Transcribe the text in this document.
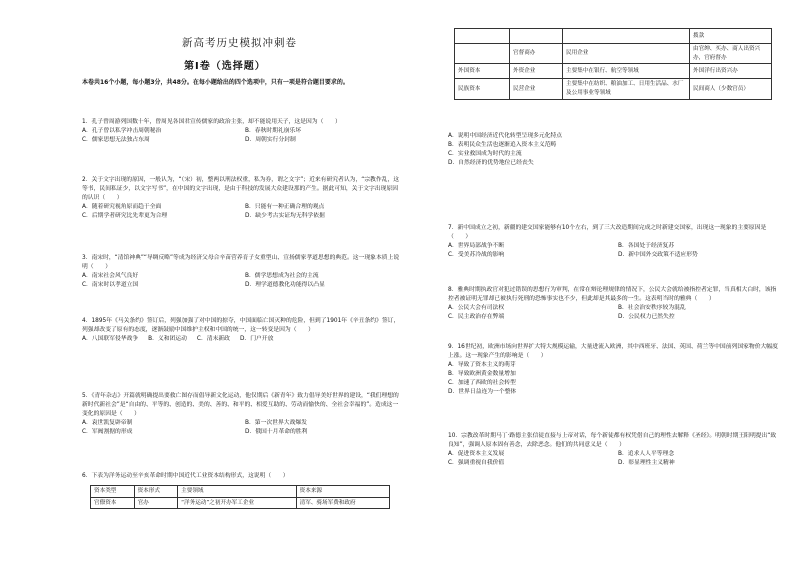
新高考历史模拟冲刺卷
第Ⅰ卷（选择题）
本卷共16个小题，每小题3分，共48分。在每小题给出的四个选项中，只有一项是符合题目要求的。
1．孔子曾周游列国数十年，曾周见各国君宣传儒家的政治主张，却不能说用天子，这是因为（　　）
A．孔子曾以私学冲击周朝秘治	B．春秋时期礼崩乐坏
C．儒家思想无法独占东周	D．周朝实行分封制
2．关于文字出现的原因，一般认为，“（宋）初，整两以刑法权重，私为券，谓之文字”；近来有研究者认为，“宗教作乱，这等书，民间私证少，以文字写书”，在中国的文字出现，是由于科技的发展大众建设那的产生。据此可知，关于文字出现原因的认识（　　）
A．随着研究视角原而趋于全面	B．只能有一种正确合理的观点
C．后期学者研究比先辈更为合理	D．缺少考古实证均无科学依据
3．南宋时，“清馆神典”“导绸反略”等成为经济父母合辛苗营养育子女重型山、宣扬儒家孝道思想的典范。这一现象本质上说明（　　）
A．南宋社会风气良好	B．儒学思想成为社会的主流
C．南宋时以孝道立国	D．理学道德教化功能得以凸显
4．1895年《马关条约》签订后，列强加强了对中国的掠夺，中国面临亡国灭种的危险，但到了1901年《辛丑条约》签订，列强却改变了原有的态度，逐渐鼓励中国维护主权和中国的统一，这一转变是因为（　　）
A．八国联军侵华战争 B．义和团运动 C．清末新政 D．门户开放
5．《青年杂志》开篇就明确提出要救亡图存而倡导新文化运动，他仅期后《新青年》致力倡导美好世界的建设，“我们理想的新时代新社会”是“自由的、平等的、创造的、美的、善的、和平的、相爱互助的、劳动而愉快的、全社会幸福的”。造成这一变化的原因是（　　）
A．袁世凯复辟帝制	B．第一次世界大战爆发
C．军阀割据的形成	D．俄国十月革命的胜利
6．下表为洋务运动至辛亥革命时期中国近代工业资本结构形式，这说明（　　）
资本类型	资本形式	主要领域	资本来源
官僚资本	官办	“洋务运动”之初开办军工企业	清军、骑场军费和政府
			拨款
	官督商办	民用企业	由官绅、买办、商人出资兴办，官府督办
外国资本	外资企业	主要集中在银行、航空等领域	外国洋行出资兴办
民族资本	民营企业	主要集中在纺织、粮油加工、日用生活品、水厂及公用事业等领域	民间商人（少数官员）
A．说明中国经济近代化转型呈现多元化特点
B．表明民众生活也逐渐追入资本主义范畴
C．实业救国成为时代的主流
D．自然经济的优势地位已经丧失
7．新中国成立之初，新疆的建交国家能够有10个左右，到了三大改造期间完成之时新建交国家，出现这一现象的主要原因是（　　）
A．世界局部战争不断	B．各国处于经济复苏
C．受美苏冷战的影响	D．新中国外交政策不适应形势
8．雅典时期执政官对犯过错误的思想行为审判，在常在辩论理规律的情况下，公民大会就给被指控者定罪，当真相大白时，该指控者被证明无罪却已被执行死刑的恐怖事实也不少，但此却是其最多的一生。这表明当时的雅典（　　）
A．公民大会有司法权	B．社会治安秩序较为混乱
C．民主政治存在弊端	D．公民权力已然失控
9．16世纪初，欧洲市场向世界扩大特大规模运输，大量进流入欧洲，其中西班牙、法国、英国、荷兰等中国前列国家物价大幅度上涨。这一现象产生的影响是（　　）
A．导致了资本主义的萌芽
B．导致欧洲黄金数量增加
C．加速了西欧的社会转型
D．世界日益连为一个整体
10．宗教改革时期马丁·路德主张信徒直接与上帝对话，每个新徒都有权凭借自己的理性去解释《圣经》。明朝时期王阳明提出“致良知”，强调人原本固有善念，去除恶念。他们的共同意义是（　　）
A．促进资本主义发展	B．追求人人平等理念
C．强调重视自我价值	D．彰显理性主义精神
